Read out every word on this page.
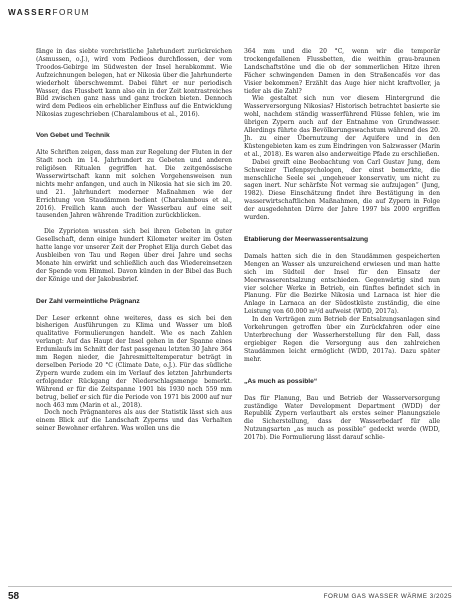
WASSERFORUM

fänge in das siebte vorchristliche Jahrhundert zurückreichen (Asmussen, o.J.), wird vom Pedieos durchflossen, der vom Troodos-Gebirge im Südwesten der Insel herabkommt. Wie Aufzeichnungen belegen, hat er Nikosia über die Jahrhunderte wiederholt überschwemmt. Dabei führt er nur periodisch Wasser, das Flussbett kann also ein in der Zeit kontrastreiches Bild zwischen ganz nass und ganz trocken bieten. Dennoch wird dem Pedieos ein erheblicher Einfluss auf die Entwicklung Nikosias zugeschrieben (Charalambous et al., 2016).

Von Gebet und Technik

Alte Schriften zeigen, dass man zur Regelung der Fluten in der Stadt noch im 14. Jahrhundert zu Gebeten und anderen religiösen Ritualen gegriffen hat. Die zeitgenössische Wasserwirtschaft kann mit solchen Vorgehensweisen nun nichts mehr anfangen, und auch in Nikosia hat sie sich im 20. und 21. Jahrhundert moderner Maßnahmen wie der Errichtung von Staudämmen bedient (Charalambous et al., 2016). Freilich kann auch der Wasserbau auf eine seit tausenden Jahren währende Tradition zurückblicken.

Die Zyprioten wussten sich bei ihren Gebeten in guter Gesellschaft, denn einige hundert Kilometer weiter im Osten hatte lange vor unserer Zeit der Prophet Elija durch Gebet das Ausbleiben von Tau und Regen über drei Jahre und sechs Monate hin erwirkt und schließlich auch das Wiedereinsetzen der Spende vom Himmel. Davon künden in der Bibel das Buch der Könige und der Jakobusbrief.

Der Zahl vermeintliche Prägnanz

Der Leser erkennt ohne weiteres, dass es sich bei den bisherigen Ausführungen zu Klima und Wasser um bloß qualitative Formulierungen handelt. Wie es nach Zahlen verlangt: Auf das Haupt der Insel gehen in der Spanne eines Erdumlaufs im Schnitt der fast passgenau letzten 30 Jahre 364 mm Regen nieder, die Jahresmitteltemperatur beträgt in derselben Periode 20 °C (Climate Date, o.J.). Für das südliche Zypern wurde zudem ein im Verlauf des letzten Jahrhunderts erfolgender Rückgang der Niederschlagsmenge bemerkt. Während er für die Zeitspanne 1901 bis 1930 noch 559 mm betrug, belief er sich für die Periode von 1971 bis 2000 auf nur noch 463 mm (Marin et al., 2018).

Doch noch Prägnanteres als aus der Statistik lässt sich aus einem Blick auf die Landschaft Zyperns und das Verhalten seiner Bewohner erfahren. Was wollen uns die

364 mm und die 20 °C, wenn wir die temporär trockengefallenen Flussbetten, die weithin grau-braunen Landschaftstöne und die ob der sommerlichen Hitze ihren Fächer schwingenden Damen in den Straßencafés vor das Visier bekommen? Erzählt das Auge hier nicht kraftvoller, ja tiefer als die Zahl?

Wie gestaltet sich nun vor diesem Hintergrund die Wasserversorgung Nikosias? Historisch betrachtet basierte sie wohl, nachdem ständig wasserführend Flüsse fehlen, wie im übrigen Zypern auch auf der Entnahme von Grundwasser. Allerdings führte das Bevölkerungswachstum während des 20. Jh. zu einer Übernutzung der Aquifere und in den Küstengebieten kam es zum Eindringen von Salzwasser (Marin et al., 2018). Es waren also anderweitige Pfade zu erschließen.

Dabei greift eine Beobachtung von Carl Gustav Jung, dem Schweizer Tiefenpsychologen, der einst bemerkte, die menschliche Seele sei „ungeheuer konservativ, um nicht zu sagen inert. Nur schärfste Not vermag sie aufzujagen“ (Jung, 1982). Diese Einschätzung findet ihre Bestätigung in den wasserwirtschaftlichen Maßnahmen, die auf Zypern in Folge der ausgedehnten Dürre der Jahre 1997 bis 2000 ergriffen wurden.

Etablierung der Meerwasserentsalzung

Damals hatten sich die in den Staudämmen gespeicherten Mengen an Wasser als unzureichend erwiesen und man hatte sich im Südteil der Insel für den Einsatz der Meerwasserentsalzung entschieden. Gegenwärtig sind nun vier solcher Werke in Betrieb, ein fünftes befindet sich in Planung. Für die Bezirke Nikosia und Larnaca ist hier die Anlage in Larnaca an der Südostküste zuständig, die eine Leistung von 60.000 m³/d aufweist (WDD, 2017a).

In den Verträgen zum Betrieb der Entsalzungsanlagen sind Vorkehrungen getroffen über ein Zurückfahren oder eine Unterbrechung der Wasserherstellung für den Fall, dass ergiebiger Regen die Versorgung aus den zahlreichen Staudämmen leicht ermöglicht (WDD, 2017a). Dazu später mehr.

„As much as possible“

Das für Planung, Bau und Betrieb der Wasserversorgung zuständige Water Development Department (WDD) der Republik Zypern verlautbart als erstes seiner Planungsziele die Sicherstellung, dass der Wasserbedarf für alle Nutzungsarten „as much as possible“ gedeckt werde (WDD, 2017b). Die Formulierung lässt darauf schlie-

58	FORUM GAS WASSER WÄRME 3/2025
